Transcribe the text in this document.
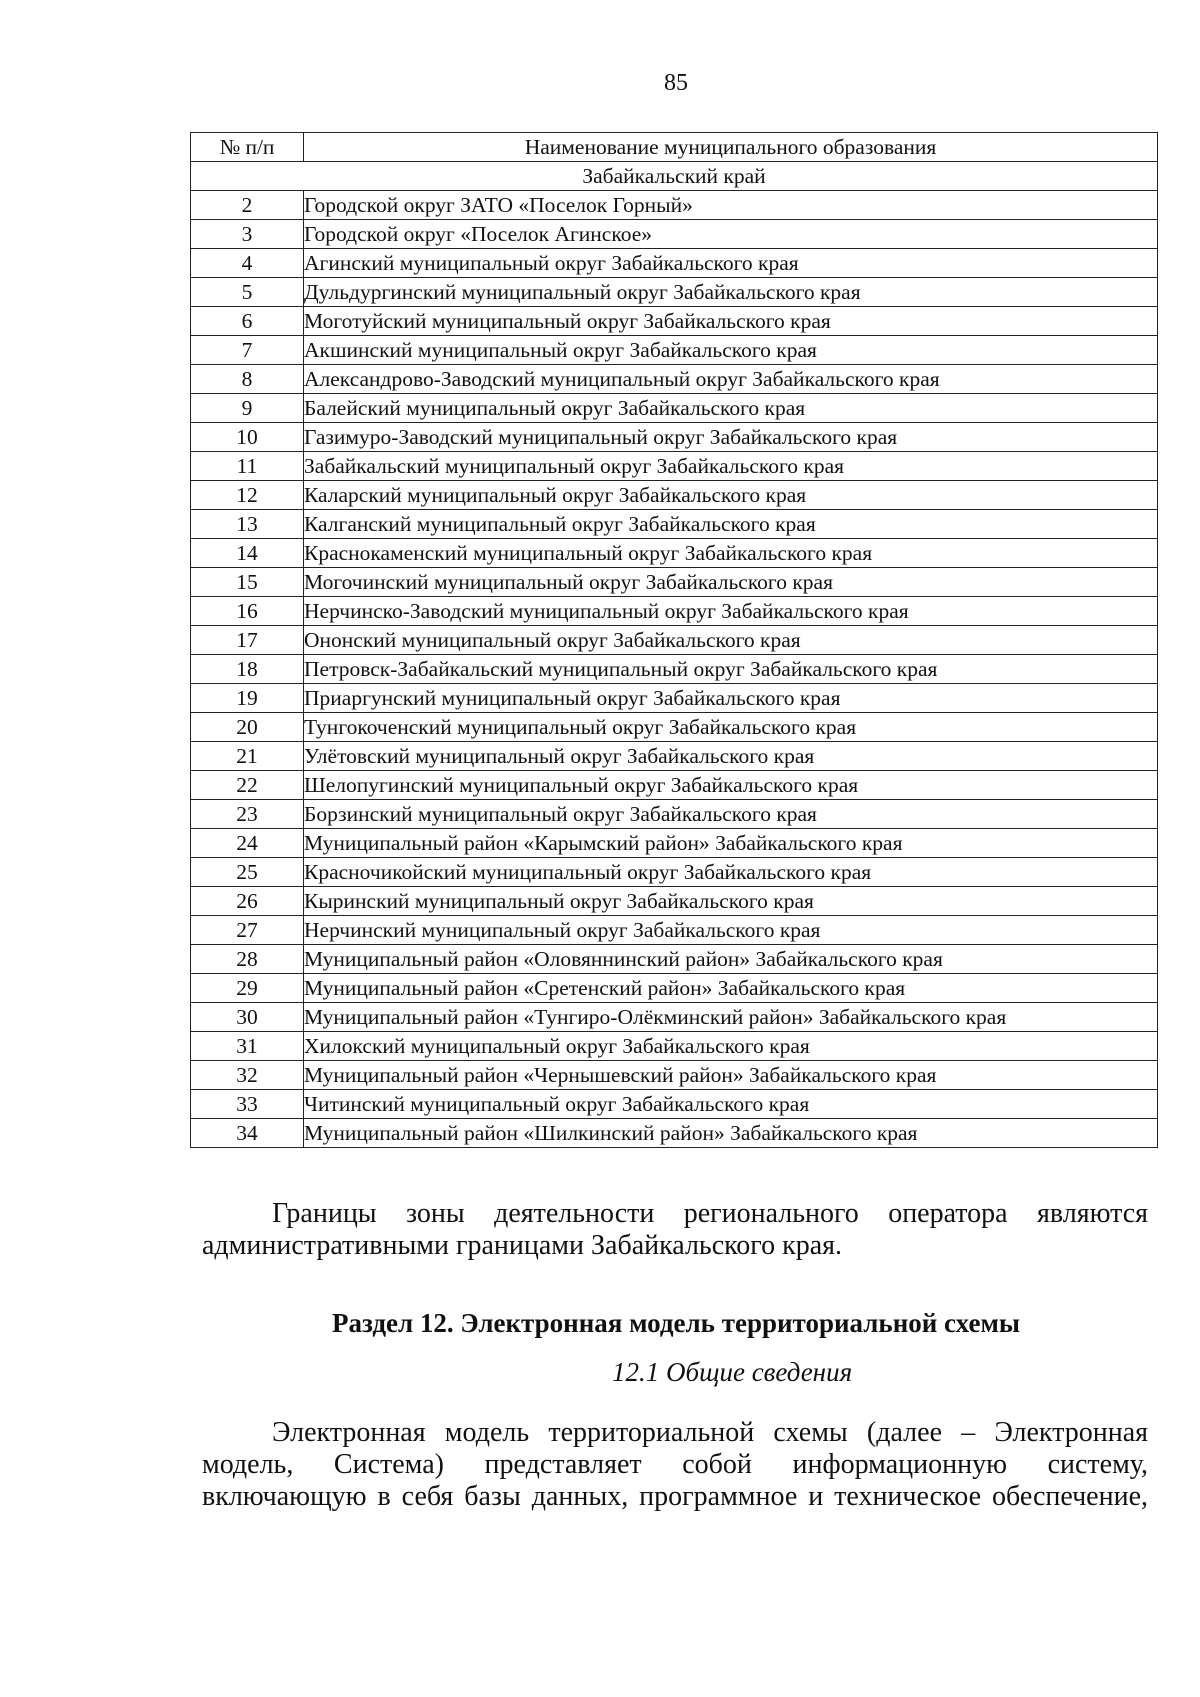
85
№ п/п	Наименование муниципального образования
Забайкальский край	
2	Городской округ ЗАТО «Поселок Горный»
3	Городской округ «Поселок Агинское»
4	Агинский муниципальный округ Забайкальского края
5	Дульдургинский муниципальный округ Забайкальского края
6	Моготуйский муниципальный округ Забайкальского края
7	Акшинский муниципальный округ Забайкальского края
8	Александрово-Заводский муниципальный округ Забайкальского края
9	Балейский муниципальный округ Забайкальского края
10	Газимуро-Заводский муниципальный округ Забайкальского края
11	Забайкальский муниципальный округ Забайкальского края
12	Каларский муниципальный округ Забайкальского края
13	Калганский муниципальный округ Забайкальского края
14	Краснокаменский муниципальный округ Забайкальского края
15	Могочинский муниципальный округ Забайкальского края
16	Нерчинско-Заводский муниципальный округ Забайкальского края
17	Ононский муниципальный округ Забайкальского края
18	Петровск-Забайкальский муниципальный округ Забайкальского края
19	Приаргунский муниципальный округ Забайкальского края
20	Тунгокоченский муниципальный округ Забайкальского края
21	Улётовский муниципальный округ Забайкальского края
22	Шелопугинский муниципальный округ Забайкальского края
23	Борзинский муниципальный округ Забайкальского края
24	Муниципальный район «Карымский район» Забайкальского края
25	Красночикойский муниципальный округ Забайкальского края
26	Кыринский муниципальный округ Забайкальского края
27	Нерчинский муниципальный округ Забайкальского края
28	Муниципальный район «Оловяннинский район» Забайкальского края
29	Муниципальный район «Сретенский район» Забайкальского края
30	Муниципальный район «Тунгиро-Олёкминский район» Забайкальского края
31	Хилокский муниципальный округ Забайкальского края
32	Муниципальный район «Чернышевский район» Забайкальского края
33	Читинский муниципальный округ Забайкальского края
34	Муниципальный район «Шилкинский район» Забайкальского края
Границы зоны деятельности регионального оператора являются
административными границами Забайкальского края.
Раздел 12. Электронная модель территориальной схемы
12.1 Общие сведения
Электронная модель территориальной схемы (далее – Электронная
модель, Система) представляет собой информационную систему,
включающую в себя базы данных, программное и техническое обеспечение,
